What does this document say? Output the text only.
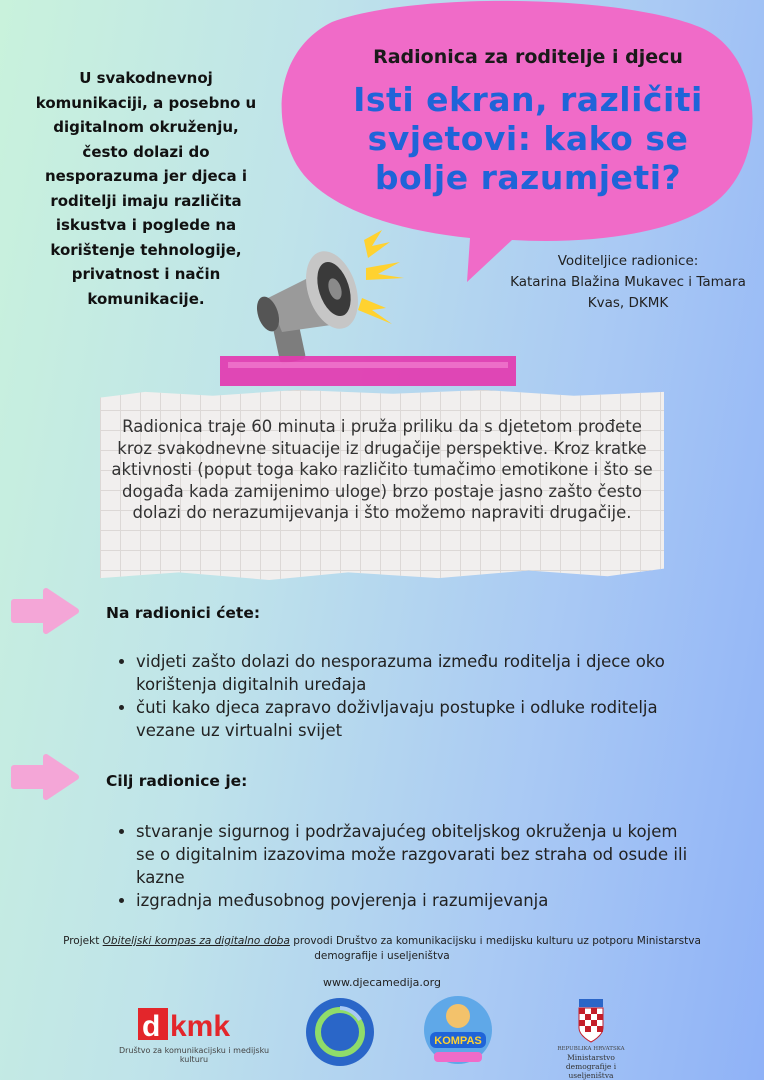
U svakodnevnoj komunikaciji, a posebno u digitalnom okruženju, često dolazi do nesporazuma jer djeca i roditelji imaju različita iskustva i poglede na korištenje tehnologije, privatnost i način komunikacije.
Radionica za roditelje i djecu
Isti ekran, različiti svjetovi: kako se bolje razumjeti?
Voditeljice radionice:
Katarina Blažina Mukavec i Tamara Kvas, DKMK
Radionica traje 60 minuta i pruža priliku da s djetetom prođete kroz svakodnevne situacije iz drugačije perspektive. Kroz kratke aktivnosti (poput toga kako različito tumačimo emotikone i što se događa kada zamijenimo uloge) brzo postaje jasno zašto često dolazi do nerazumijevanja i što možemo napraviti drugačije.
Na radionici ćete:
• vidjeti zašto dolazi do nesporazuma između roditelja i djece oko korištenja digitalnih uređaja
• čuti kako djeca zapravo doživljavaju postupke i odluke roditelja vezane uz virtualni svijet
Cilj radionice je:
• stvaranje sigurnog i podržavajućeg obiteljskog okruženja u kojem se o digitalnim izazovima može razgovarati bez straha od osude ili kazne
• izgradnja međusobnog povjerenja i razumijevanja
Projekt Obiteljski kompas za digitalno doba provodi Društvo za komunikacijsku i medijsku kulturu uz potporu Ministarstva demografije i useljeništva
www.djecamedija.org
d kmk
Društvo za komunikacijsku i medijsku kulturu
KOMPAS
REPUBLIKA HRVATSKA
Ministarstvo demografije i useljeništva
